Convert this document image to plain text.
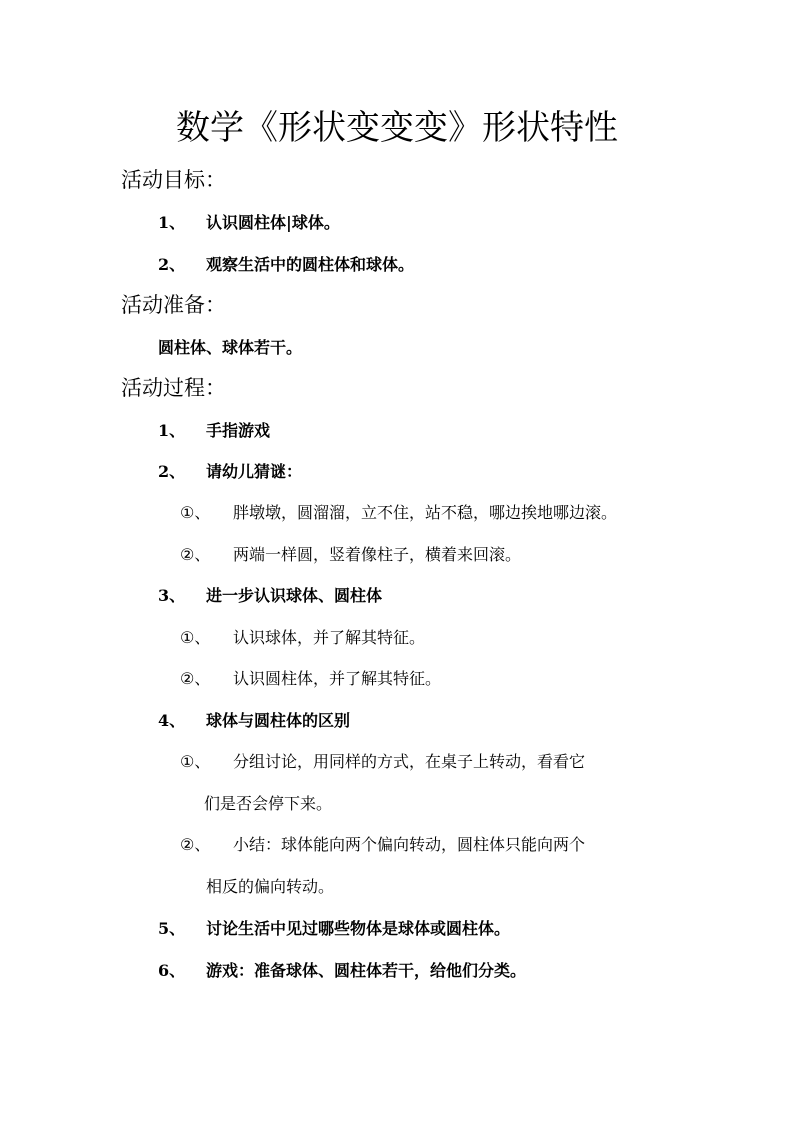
数学《形状变变变》形状特性
活动目标：
1、 认识圆柱体|球体。
2、 观察生活中的圆柱体和球体。
活动准备：
圆柱体、球体若干。
活动过程：
1、 手指游戏
2、 请幼儿猜谜：
①、 胖墩墩，圆溜溜，立不住，站不稳，哪边挨地哪边滚。
②、 两端一样圆，竖着像柱子，横着来回滚。
3、 进一步认识球体、圆柱体
①、 认识球体，并了解其特征。
②、 认识圆柱体，并了解其特征。
4、 球体与圆柱体的区别
①、 分组讨论，用同样的方式，在桌子上转动，看看它
们是否会停下来。
②、 小结：球体能向两个偏向转动，圆柱体只能向两个
相反的偏向转动。
5、 讨论生活中见过哪些物体是球体或圆柱体。
6、 游戏：准备球体、圆柱体若干，给他们分类。
